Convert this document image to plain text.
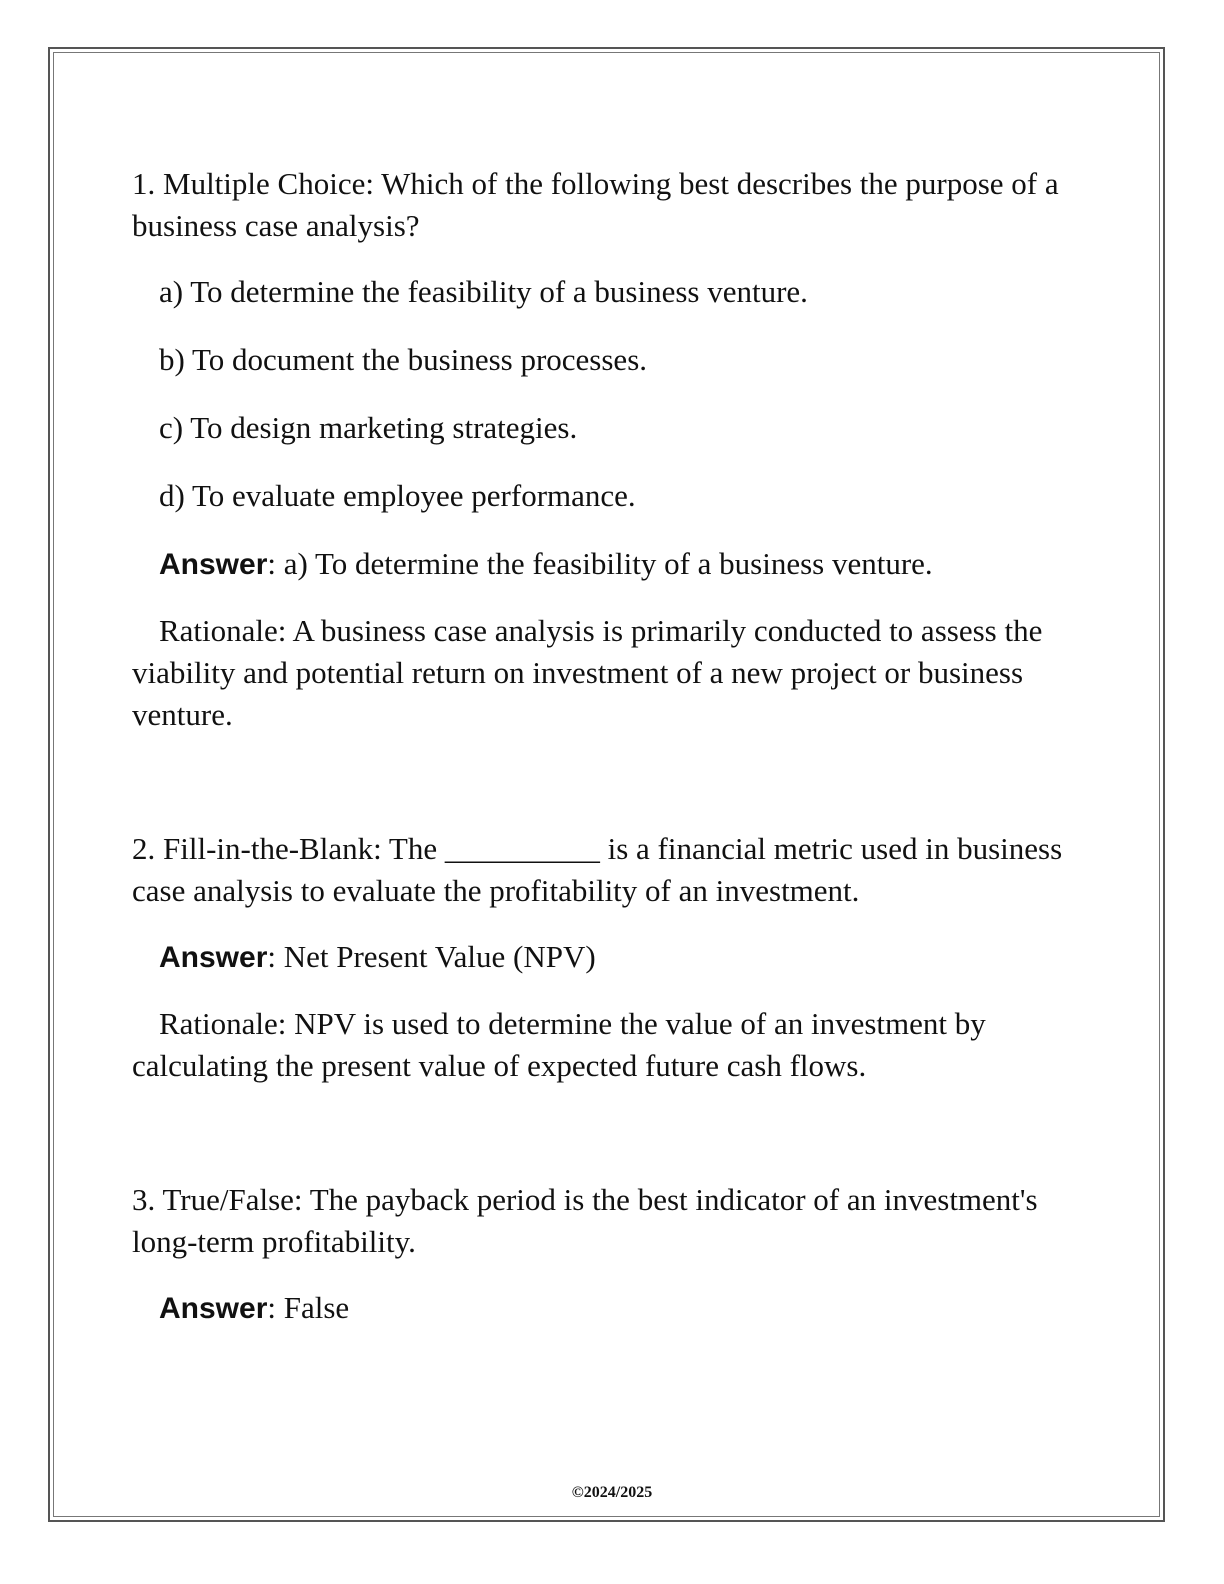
1. Multiple Choice: Which of the following best describes the purpose of a business case analysis?

a) To determine the feasibility of a business venture.

b) To document the business processes.

c) To design marketing strategies.

d) To evaluate employee performance.

Answer: a) To determine the feasibility of a business venture.

Rationale: A business case analysis is primarily conducted to assess the viability and potential return on investment of a new project or business venture.

2. Fill-in-the-Blank: The __________ is a financial metric used in business case analysis to evaluate the profitability of an investment.

Answer: Net Present Value (NPV)

Rationale: NPV is used to determine the value of an investment by calculating the present value of expected future cash flows.

3. True/False: The payback period is the best indicator of an investment's long-term profitability.

Answer: False

©2024/2025
